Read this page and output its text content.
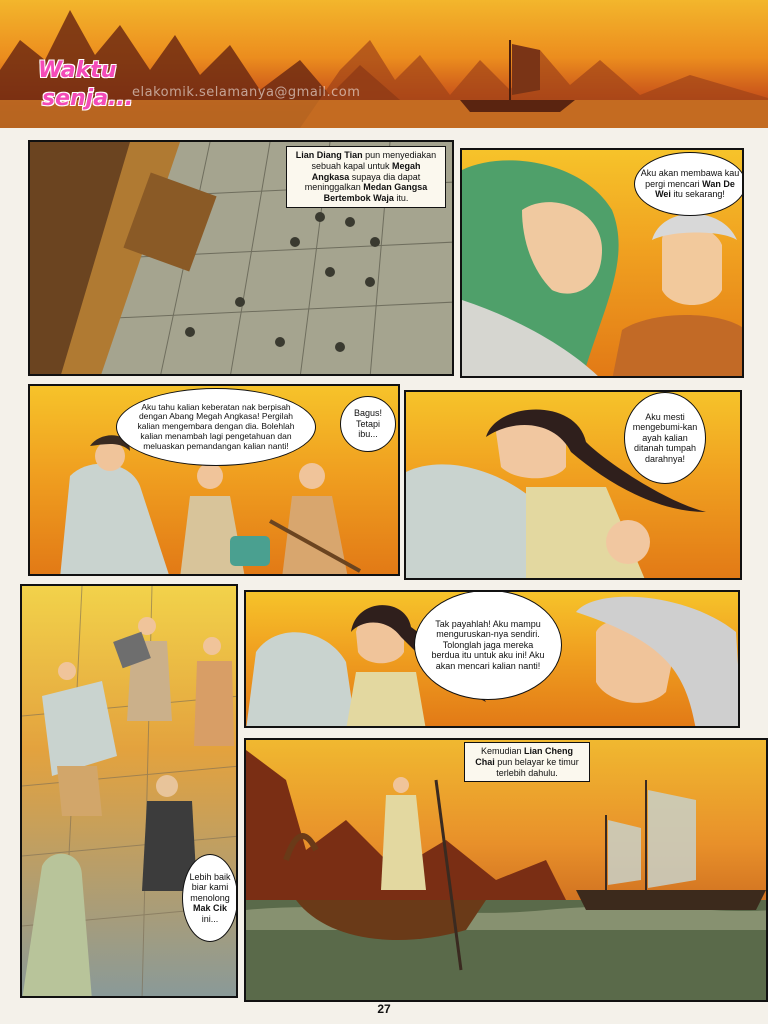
Waktu
senja...
elakomik.selamanya@gmail.com
Lian Diang Tian pun menyediakan sebuah kapal untuk Megah Angkasa supaya dia dapat meninggalkan Medan Gangsa Bertembok Waja itu.
Aku akan membawa kau pergi mencari Wan De Wei itu sekarang!
Aku tahu kalian keberatan nak berpisah dengan Abang Megah Angkasa! Pergilah kalian mengembara dengan dia. Bolehlah kalian menambah lagi pengetahuan dan meluaskan pemandangan kalian nanti!
Bagus! Tetapi ibu...
Aku mesti mengebumi-kan ayah kalian ditanah tumpah darahnya!
Lebih baik biar kami menolong Mak Cik ini...
Tak payahlah! Aku mampu menguruskan-nya sendiri. Tolonglah jaga mereka berdua itu untuk aku ini! Aku akan mencari kalian nanti!
Kemudian Lian Cheng Chai pun belayar ke timur terlebih dahulu.
27
